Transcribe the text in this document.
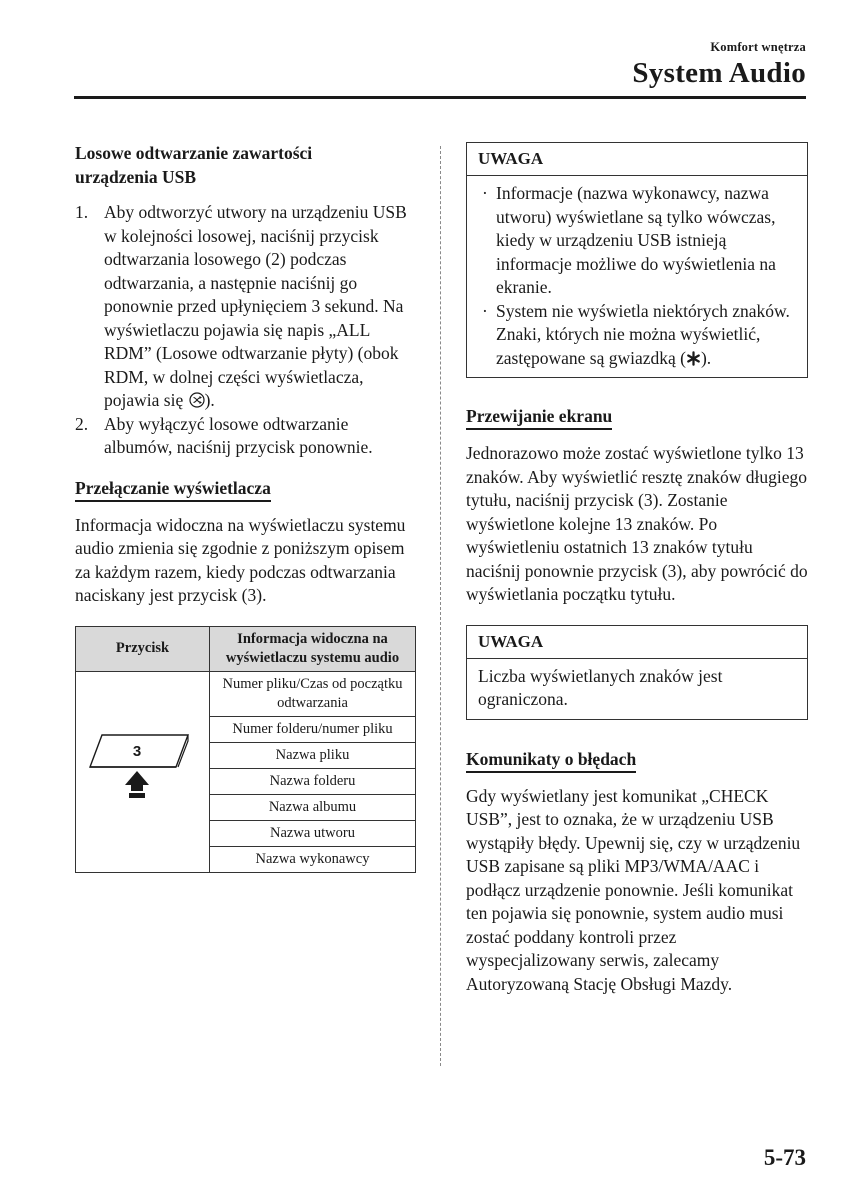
Komfort wnętrza
System Audio

Losowe odtwarzanie zawartości
urządzenia USB

1. Aby odtworzyć utwory na urządzeniu USB w kolejności losowej, naciśnij przycisk odtwarzania losowego (2) podczas odtwarzania, a następnie naciśnij go ponownie przed upłynięciem 3 sekund. Na wyświetlaczu pojawia się napis „ALL RDM” (Losowe odtwarzanie płyty) (obok RDM, w dolnej części wyświetlacza, pojawia się ).
2. Aby wyłączyć losowe odtwarzanie albumów, naciśnij przycisk ponownie.
Przełączanie wyświetlacza

Informacja widoczna na wyświetlaczu systemu audio zmienia się zgodnie z poniższym opisem za każdym razem, kiedy podczas odtwarzania naciskany jest przycisk (3).

Przycisk	Informacja widoczna na wyświetlaczu systemu audio

3	Numer pliku/Czas od początku odtwarzania
	Numer folderu/numer pliku
	Nazwa pliku
	Nazwa folderu
	Nazwa albumu
	Nazwa utworu
	Nazwa wykonawcy
UWAGA
· Informacje (nazwa wykonawcy, nazwa utworu) wyświetlane są tylko wówczas, kiedy w urządzeniu USB istnieją informacje możliwe do wyświetlenia na ekranie.
· System nie wyświetla niektórych znaków. Znaki, których nie można wyświetlić, zastępowane są gwiazdką ( ).
Przewijanie ekranu

Jednorazowo może zostać wyświetlone tylko 13 znaków. Aby wyświetlić resztę znaków długiego tytułu, naciśnij przycisk (3). Zostanie wyświetlone kolejne 13 znaków. Po wyświetleniu ostatnich 13 znaków tytułu naciśnij ponownie przycisk (3), aby powrócić do wyświetlania początku tytułu.

UWAGA

Liczba wyświetlanych znaków jest ograniczona.

Komunikaty o błędach

Gdy wyświetlany jest komunikat „CHECK USB”, jest to oznaka, że w urządzeniu USB wystąpiły błędy. Upewnij się, czy w urządzeniu USB zapisane są pliki MP3/WMA/AAC i podłącz urządzenie ponownie. Jeśli komunikat ten pojawia się ponownie, system audio musi zostać poddany kontroli przez wyspecjalizowany serwis, zalecamy Autoryzowaną Stację Obsługi Mazdy.

5-73
